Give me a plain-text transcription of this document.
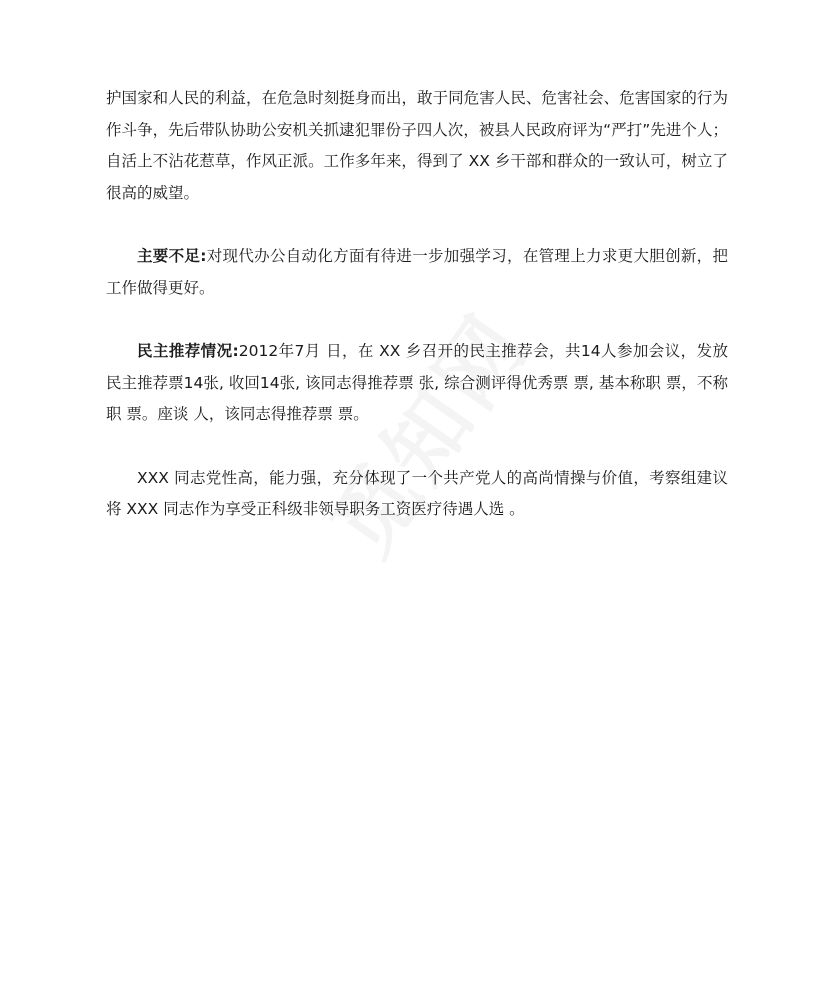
护国家和人民的利益，在危急时刻挺身而出，敢于同危害人民、危害社会、危害国家的行为作斗争，先后带队协助公安机关抓逮犯罪份子四人次，被县人民政府评为“严打”先进个人；自活上不沾花惹草，作风正派。工作多年来，得到了 XX 乡干部和群众的一致认可，树立了很高的威望。

主要不足:对现代办公自动化方面有待进一步加强学习，在管理上力求更大胆创新，把工作做得更好。

民主推荐情况:2012年7月 日，在 XX 乡召开的民主推荐会，共14人参加会议，发放民主推荐票14张, 收回14张, 该同志得推荐票 张, 综合测评得优秀票 票, 基本称职 票，不称职 票。座谈 人，该同志得推荐票 票。

XXX 同志党性高，能力强，充分体现了一个共产党人的高尚情操与价值，考察组建议将 XXX 同志作为享受正科级非领导职务工资医疗待遇人选 。
